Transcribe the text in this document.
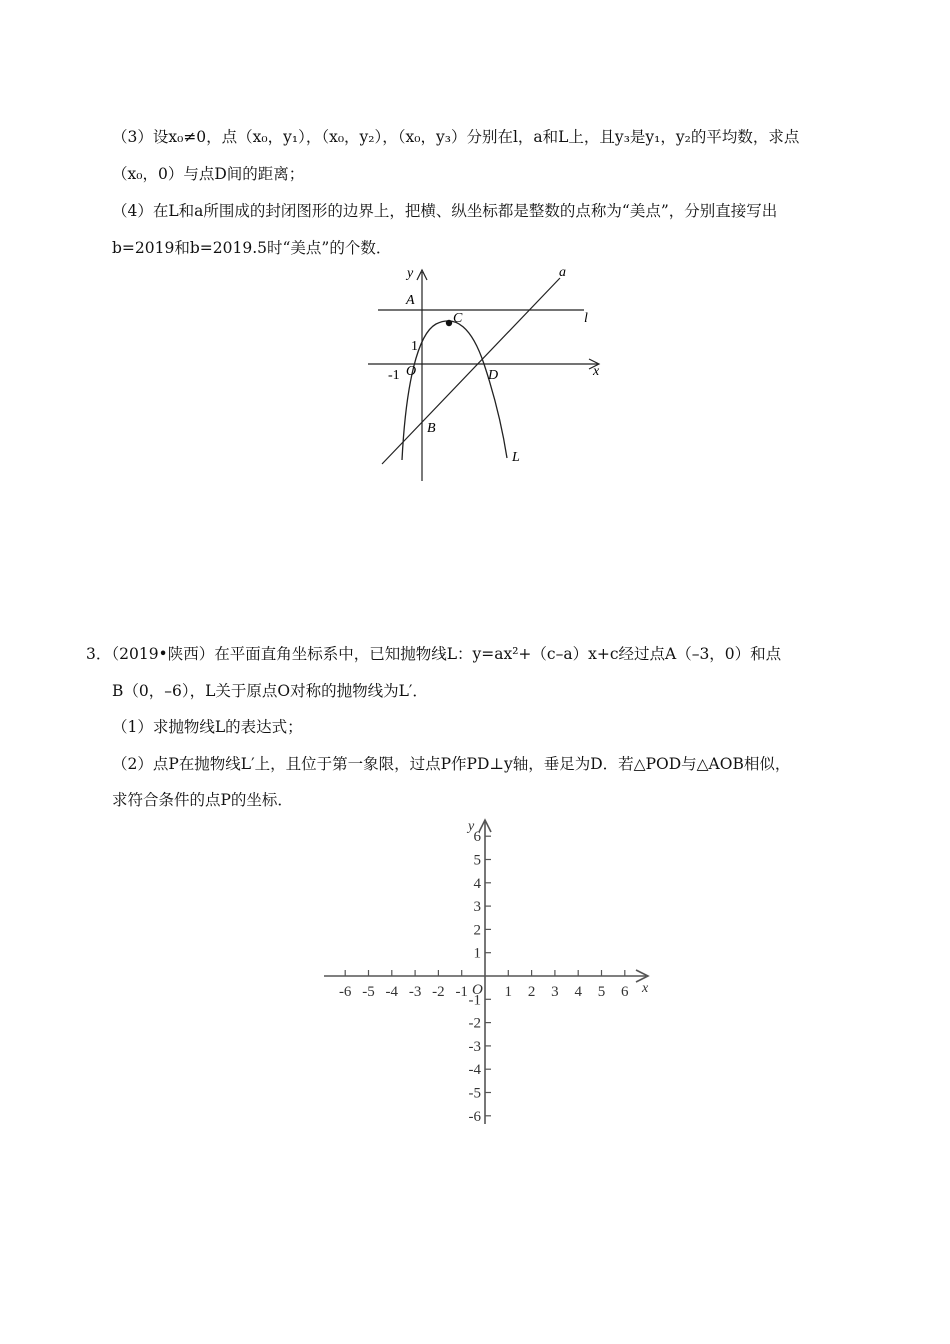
（3）设x₀≠0，点（x₀，y₁），（x₀，y₂），（x₀，y₃）分别在l，a和L上，且y₃是y₁，y₂的平均数，求点
（x₀，0）与点D间的距离；
（4）在L和a所围成的封闭图形的边界上，把横、纵坐标都是整数的点称为“美点”，分别直接写出
b=2019和b=2019.5时“美点”的个数．
y
x
a
l
A
C
1
-1 O	D
B
L
3．（2019•陕西）在平面直角坐标系中，已知抛物线L：y=ax²+（c–a）x+c经过点A（–3，0）和点
B（0，–6），L关于原点O对称的抛物线为L′．
（1）求抛物线L的表达式；
（2）点P在抛物线L′上，且位于第一象限，过点P作PD⊥y轴，垂足为D．若△POD与△AOB相似，
求符合条件的点P的坐标．
-6 -5 -4 -3 -2 -1 1 2 3 4 5 6
6
5
4
3
2
1
-1
-2
-3
-4
-5
-6
x
y
O
